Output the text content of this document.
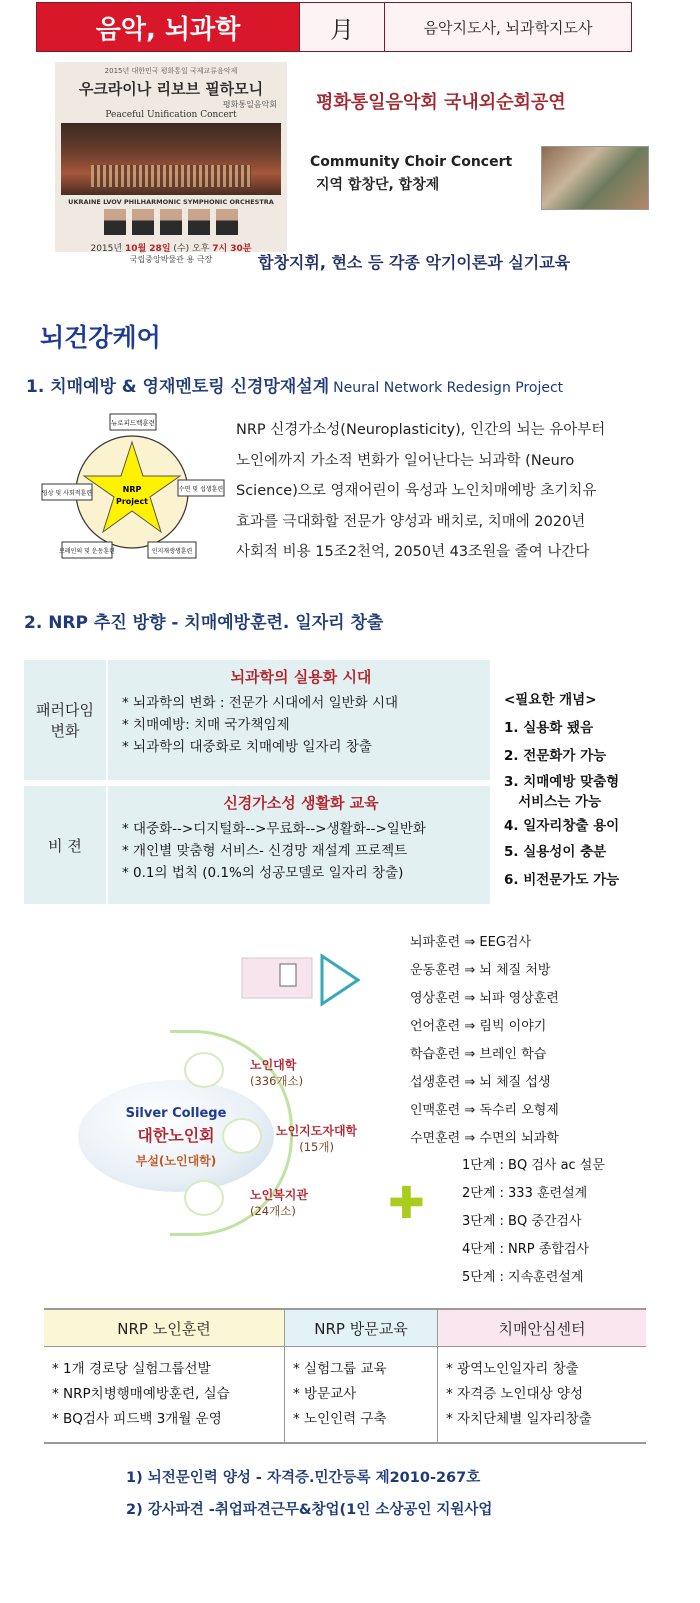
음악, 뇌과학	月	음악지도사, 뇌과학지도사
2015년 대한민국 평화통일 국제교류음악제
우크라이나 리보브 필하모니
평화통일음악회
Peaceful Unification Concert
UKRAINE LVOV PHILHARMONIC SYMPHONIC ORCHESTRA
2015년 10월 28일 (수) 오후 7시 30분
국립중앙박물관 용 극장
평화통일음악회 국내외순회공연
Community Choir Concert
지역 합창단, 합창제
합창지휘, 현소 등 각종 악기이론과 실기교육
뇌건강케어
1. 치매예방 & 영재멘토링 신경망재설계 Neural Network Redesign Project
NRP
Project
뉴로피드백훈련
수면 및 섭생훈련
인지재생생훈련
브레인의 및 운동훈련
영상 및 사회적훈련
NRP 신경가소성(Neuroplasticity), 인간의 뇌는 유아부터
노인에까지 가소적 변화가 일어난다는 뇌과학 (Neuro
Science)으로 영재어린이 육성과 노인치매예방 초기치유
효과를 극대화할 전문가 양성과 배치로, 치매에 2020년
사회적 비용 15조2천억, 2050년 43조원을 줄여 나간다
2. NRP 추진 방향 - 치매예방훈련. 일자리 창출
패러다임
변화
뇌과학의 실용화 시대
* 뇌과학의 변화 : 전문가 시대에서 일반화 시대
* 치매예방: 치매 국가책임제
* 뇌과학의 대중화로 치매예방 일자리 창출
비 젼
신경가소성 생활화 교육
* 대중화-->디지털화-->무료화-->생활화-->일반화
* 개인별 맞춤형 서비스- 신경망 재설계 프로젝트
* 0.1의 법칙 (0.1%의 성공모델로 일자리 창출)
<필요한 개념>
1. 실용화 됐음
2. 전문화가 가능
3. 치매예방 맞춤형
서비스는 가능
4. 일자리창출 용이
5. 실용성이 충분
6. 비전문가도 가능
뇌파훈련 ⇒ EEG검사
운동훈련 ⇒ 뇌 체질 처방
영상훈련 ⇒ 뇌파 영상훈련
언어훈련 ⇒ 림빅 이야기
학습훈련 ⇒ 브레인 학습
섭생훈련 ⇒ 뇌 체질 섭생
인맥훈련 ⇒ 독수리 오형제
수면훈련 ⇒ 수면의 뇌과학
1단계 : BQ 검사 ac 설문
2단계 : 333 훈련설계
3단계 : BQ 중간검사
4단계 : NRP 종합검사
5단계 : 지속훈련설계
✚
Silver College
대한노인회
부설(노인대학)
노인대학
(336개소)
노인지도자대학
(15개)
노인복지관
(24개소)
NRP 노인훈련
* 1개 경로당 실험그룹선발
* NRP치병행매예방훈련, 실습
* BQ검사 피드백 3개월 운영
NRP 방문교육
* 실험그룹 교육
* 방문교사
* 노인인력 구축
치매안심센터
* 광역노인일자리 창출
* 자격증 노인대상 양성
* 자치단체별 일자리창출
1) 뇌전문인력 양성 - 자격증.민간등록 제2010-267호
2) 강사파견 -취업파견근무&창업(1인 소상공인 지원사업
